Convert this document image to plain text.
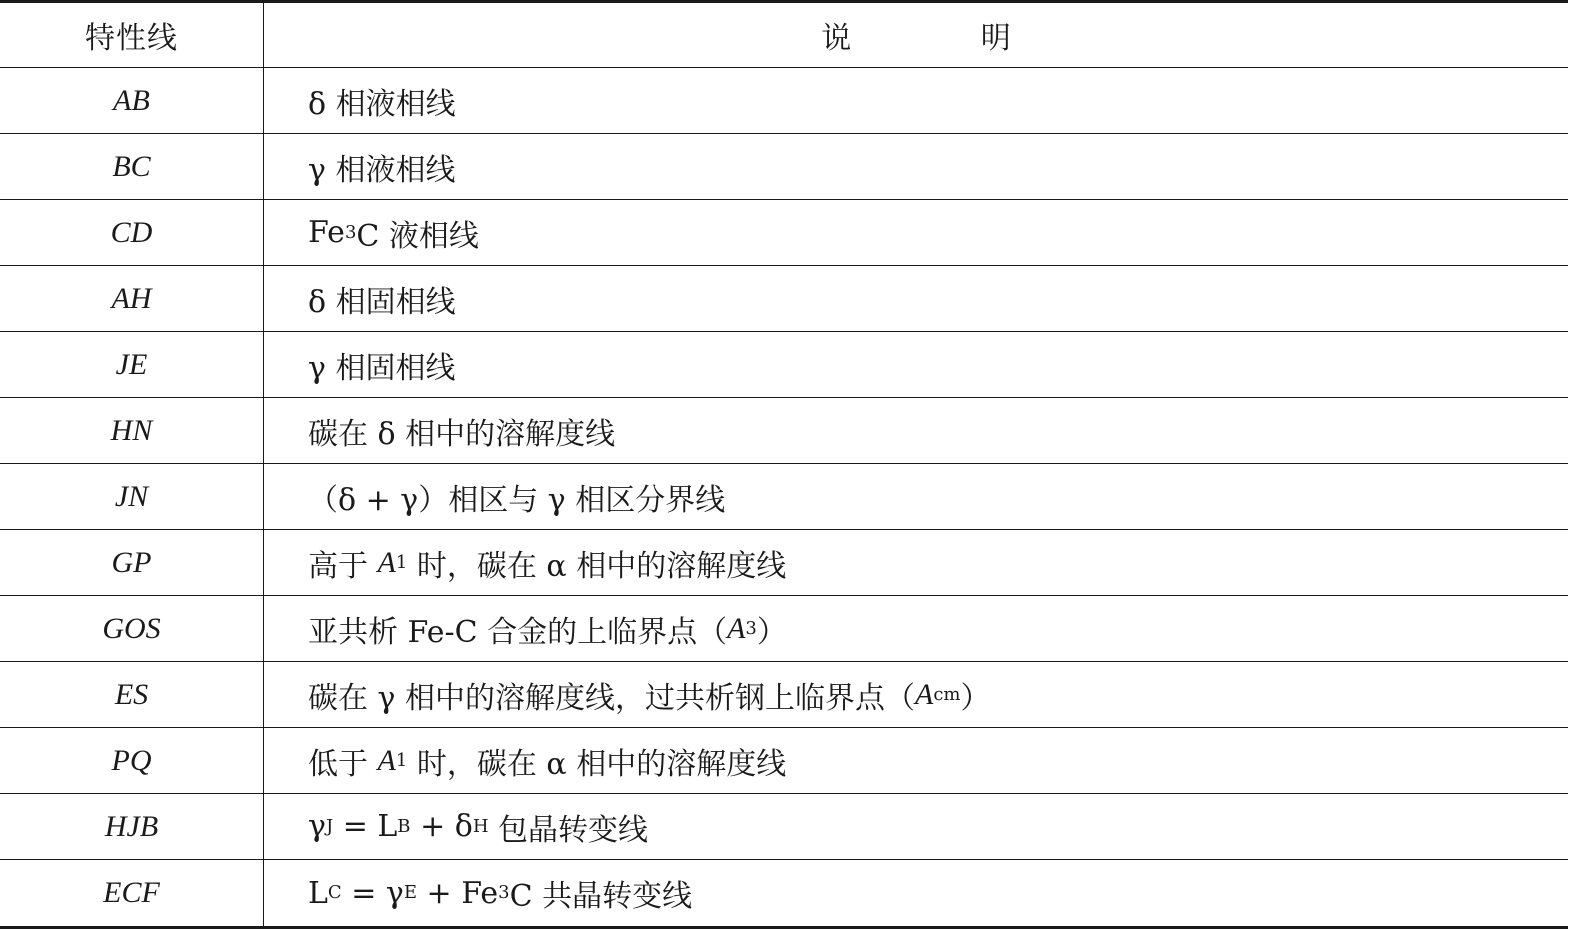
特性线	说 明
AB	δ 相液相线
BC	γ 相液相线
CD	Fe 3 C 液相线
AH	δ 相固相线
JE	γ 相固相线
HN	碳在 δ 相中的溶解度线
JN	（δ + γ）相区与 γ 相区分界线
GP	高于 A 1 时，碳在 α 相中的溶解度线
GOS	亚共析 Fe-C 合金的上临界点（ A 3 ）
ES	碳在 γ 相中的溶解度线，过共析钢上临界点（ A cm ）
PQ	低于 A 1 时，碳在 α 相中的溶解度线
HJB	γ J = L B + δ H 包晶转变线
ECF	L C = γ E + Fe 3 C 共晶转变线
